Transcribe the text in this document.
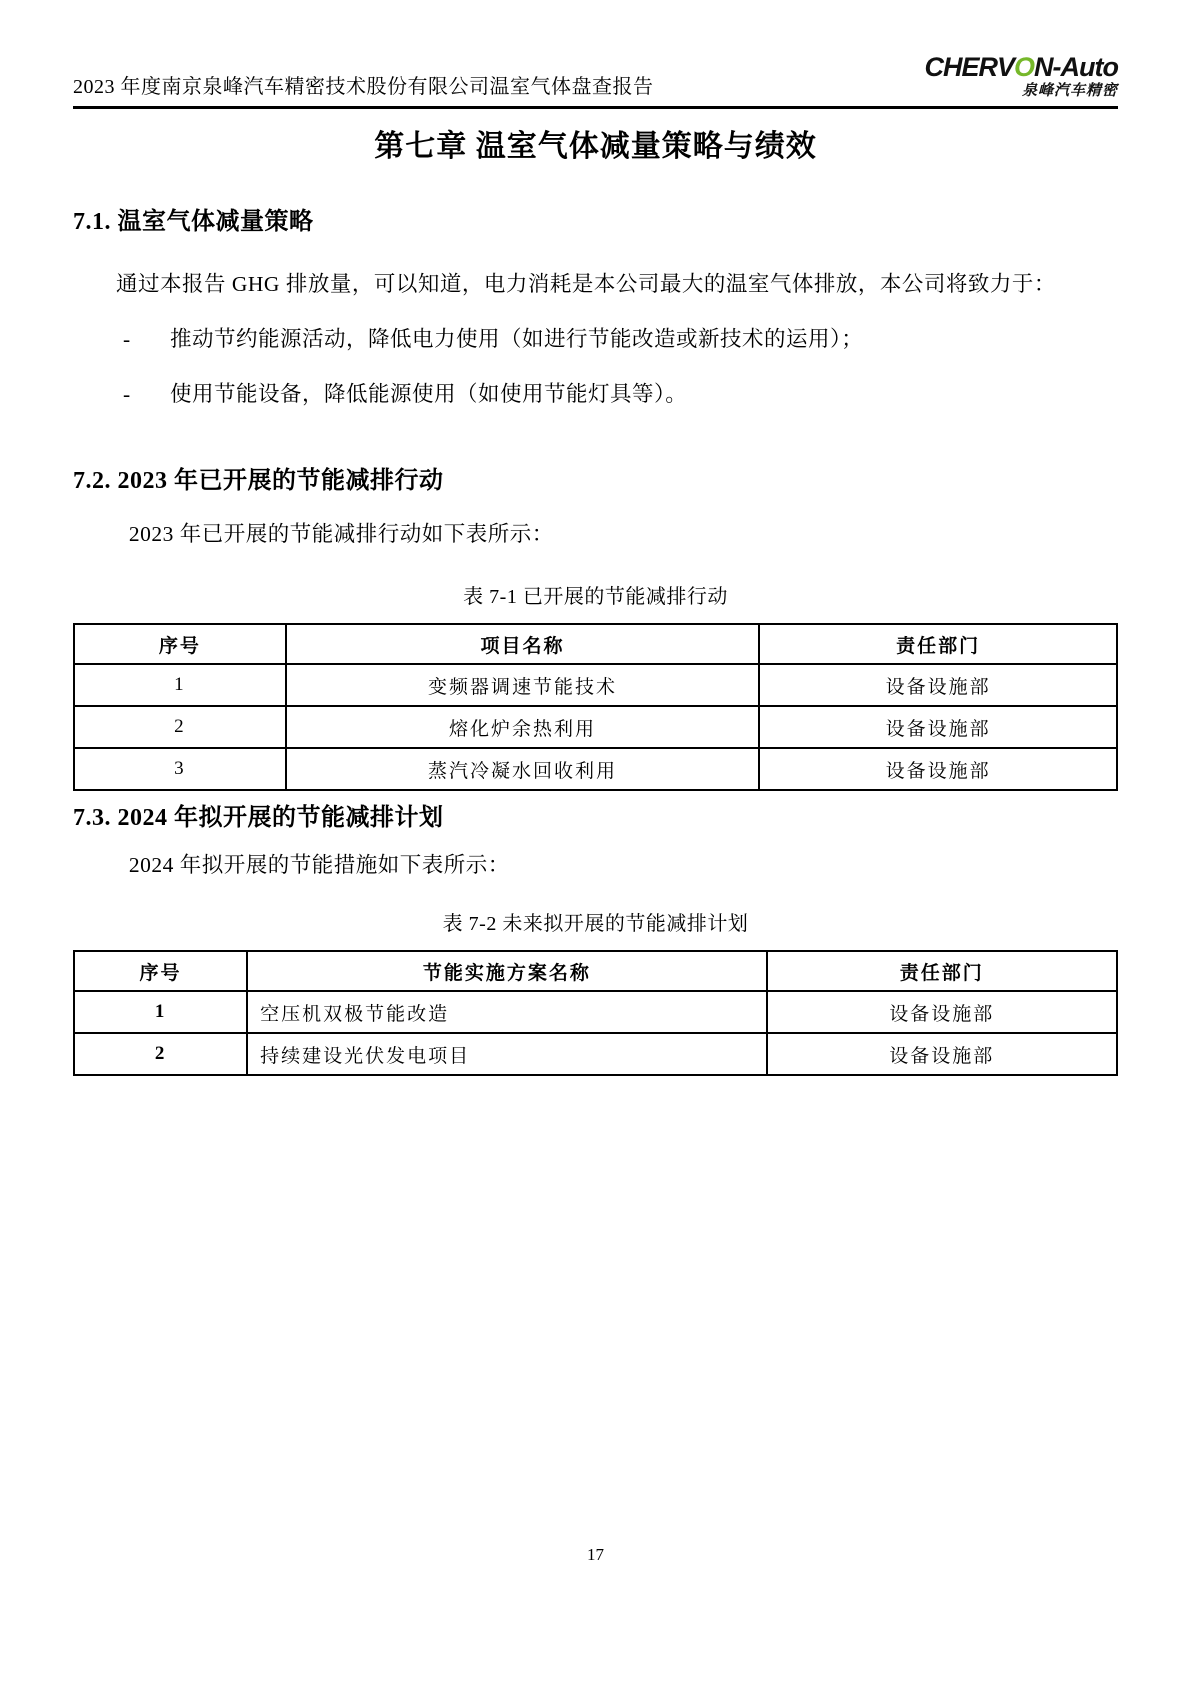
2023 年度南京泉峰汽车精密技术股份有限公司温室气体盘查报告
CHERVON-Auto
泉峰汽车精密
第七章 温室气体减量策略与绩效
7.1. 温室气体减量策略
通过本报告 GHG 排放量，可以知道，电力消耗是本公司最大的温室气体排放，本公司将致力于：
-	推动节约能源活动，降低电力使用（如进行节能改造或新技术的运用）；
-	使用节能设备，降低能源使用（如使用节能灯具等）。
7.2. 2023 年已开展的节能减排行动
2023 年已开展的节能减排行动如下表所示：
表 7-1 已开展的节能减排行动
序号	项目名称	责任部门
1	变频器调速节能技术	设备设施部
2	熔化炉余热利用	设备设施部
3	蒸汽冷凝水回收利用	设备设施部
7.3. 2024 年拟开展的节能减排计划
2024 年拟开展的节能措施如下表所示：
表 7-2 未来拟开展的节能减排计划
序号	节能实施方案名称	责任部门
1	空压机双极节能改造	设备设施部
2	持续建设光伏发电项目	设备设施部
17
